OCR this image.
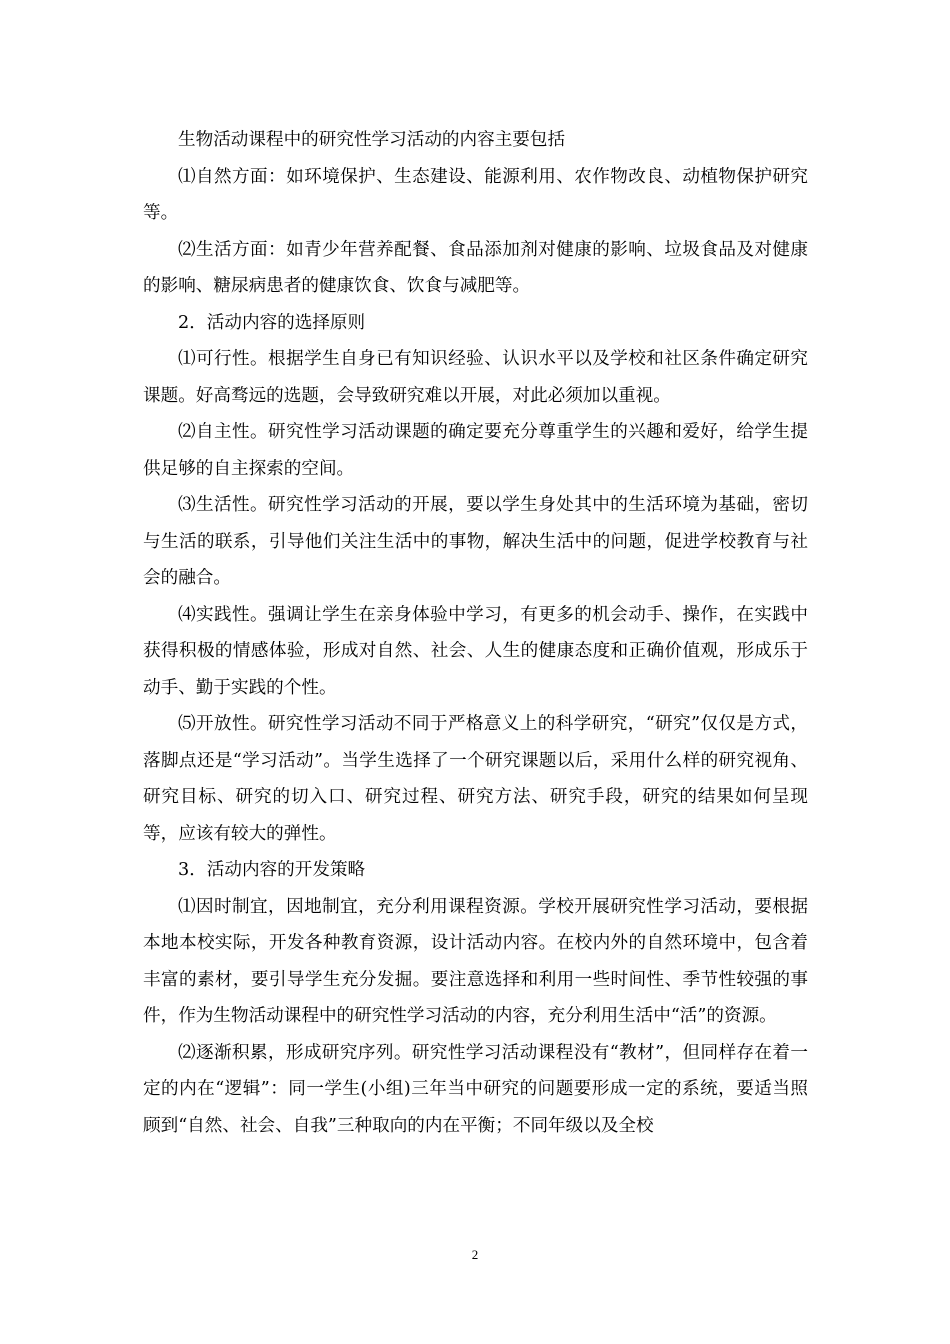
生物活动课程中的研究性学习活动的内容主要包括

⑴自然方面：如环境保护、生态建设、能源利用、农作物改良、动植物保护研究等。

⑵生活方面：如青少年营养配餐、食品添加剂对健康的影响、垃圾食品及对健康的影响、糖尿病患者的健康饮食、饮食与减肥等。

2．活动内容的选择原则

⑴可行性。根据学生自身已有知识经验、认识水平以及学校和社区条件确定研究课题。好高骛远的选题，会导致研究难以开展，对此必须加以重视。

⑵自主性。研究性学习活动课题的确定要充分尊重学生的兴趣和爱好，给学生提供足够的自主探索的空间。

⑶生活性。研究性学习活动的开展，要以学生身处其中的生活环境为基础，密切与生活的联系，引导他们关注生活中的事物，解决生活中的问题，促进学校教育与社会的融合。

⑷实践性。强调让学生在亲身体验中学习，有更多的机会动手、操作，在实践中获得积极的情感体验，形成对自然、社会、人生的健康态度和正确价值观，形成乐于动手、勤于实践的个性。

⑸开放性。研究性学习活动不同于严格意义上的科学研究，“研究”仅仅是方式，落脚点还是“学习活动”。当学生选择了一个研究课题以后，采用什么样的研究视角、研究目标、研究的切入口、研究过程、研究方法、研究手段，研究的结果如何呈现等，应该有较大的弹性。

3．活动内容的开发策略

⑴因时制宜，因地制宜，充分利用课程资源。学校开展研究性学习活动，要根据本地本校实际，开发各种教育资源，设计活动内容。在校内外的自然环境中，包含着丰富的素材，要引导学生充分发掘。要注意选择和利用一些时间性、季节性较强的事件，作为生物活动课程中的研究性学习活动的内容，充分利用生活中“活”的资源。

⑵逐渐积累，形成研究序列。研究性学习活动课程没有“教材”，但同样存在着一定的内在“逻辑”：同一学生(小组)三年当中研究的问题要形成一定的系统，要适当照顾到“自然、社会、自我”三种取向的内在平衡；不同年级以及全校

2
